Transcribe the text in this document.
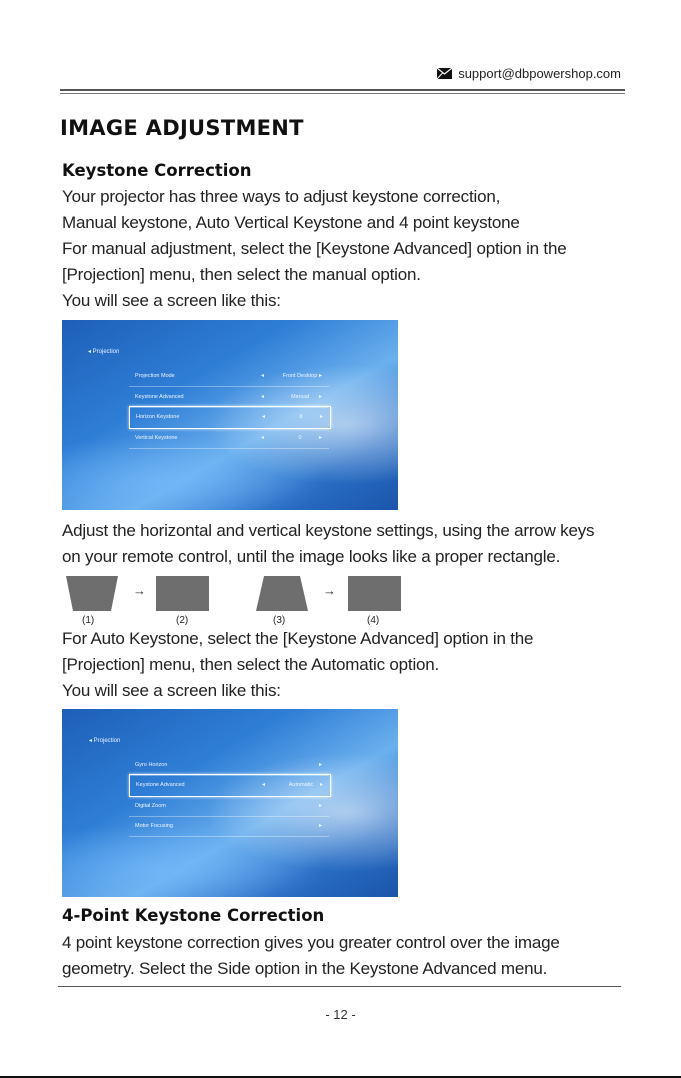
support@dbpowershop.com
IMAGE ADJUSTMENT
Keystone Correction
Your projector has three ways to adjust keystone correction,
Manual keystone, Auto Vertical Keystone and 4 point keystone
For manual adjustment, select the [Keystone Advanced] option in the
[Projection] menu, then select the manual option.
You will see a screen like this:
◂ Projection
Projection Mode	◂	Front Desktop ▸
Keystone Advanced	◂	Manual	▸
Horizon Keystone	◂	8	▸
Vertical Keystone	◂	0	▸
Adjust the horizontal and vertical keystone settings, using the arrow keys
on your remote control, until the image looks like a proper rectangle.
→	→
(1)	(2)	(3)	(4)
For Auto Keystone, select the [Keystone Advanced] option in the
[Projection] menu, then select the Automatic option.
You will see a screen like this:
◂ Projection
Gyro Horizon	▸
Keystone Advanced	◂	Automatic	▸
Digital Zoom	▸
Motor Focusing	▸
4-Point Keystone Correction
4 point keystone correction gives you greater control over the image
geometry. Select the Side option in the Keystone Advanced menu.
- 12 -
